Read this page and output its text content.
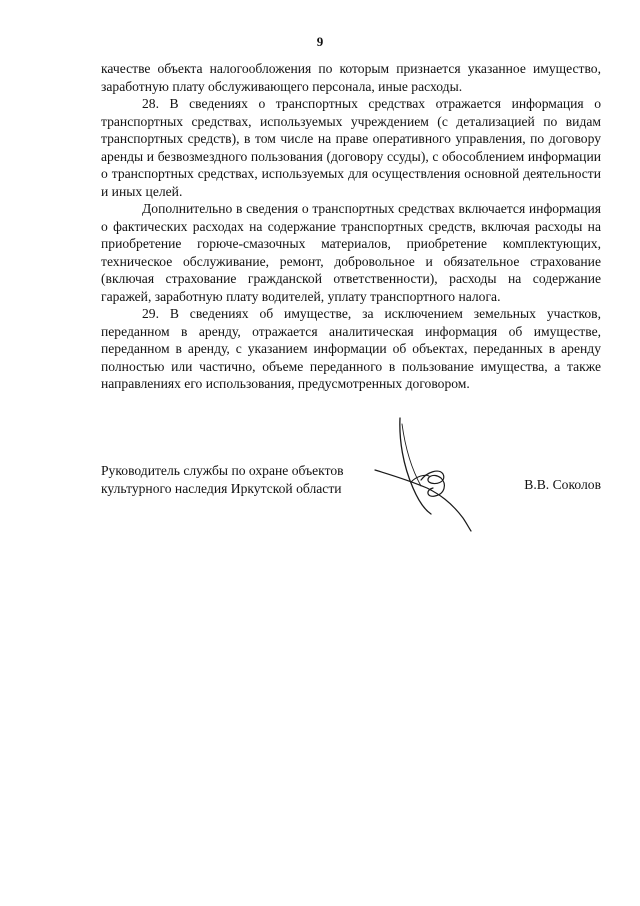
9

качестве объекта налогообложения по которым признается указанное имущество, заработную плату обслуживающего персонала, иные расходы.

28. В сведениях о транспортных средствах отражается информация о транспортных средствах, используемых учреждением (с детализацией по видам транспортных средств), в том числе на праве оперативного управления, по договору аренды и безвозмездного пользования (договору ссуды), с обособлением информации о транспортных средствах, используемых для осуществления основной деятельности и иных целей.

Дополнительно в сведения о транспортных средствах включается информация о фактических расходах на содержание транспортных средств, включая расходы на приобретение горюче-смазочных материалов, приобретение комплектующих, техническое обслуживание, ремонт, добровольное и обязательное страхование (включая страхование гражданской ответственности), расходы на содержание гаражей, заработную плату водителей, уплату транспортного налога.

29. В сведениях об имуществе, за исключением земельных участков, переданном в аренду, отражается аналитическая информация об имуществе, переданном в аренду, с указанием информации об объектах, переданных в аренду полностью или частично, объеме переданного в пользование имущества, а также направлениях его использования, предусмотренных договором.

Руководитель службы по охране объектов культурного наследия Иркутской области	В.В. Соколов
